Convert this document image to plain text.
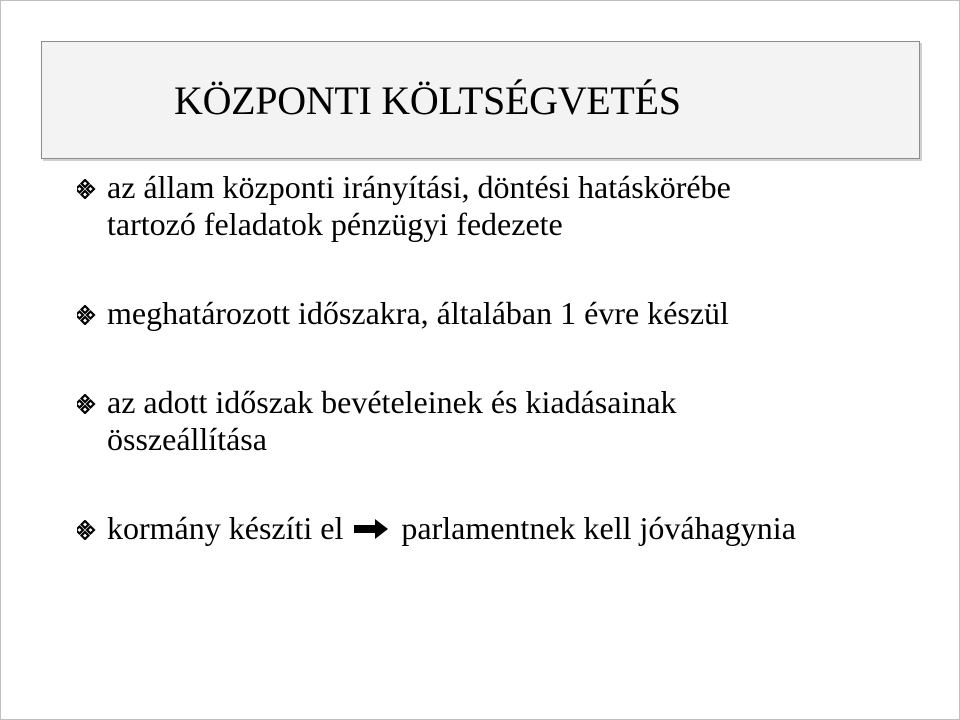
KÖZPONTI KÖLTSÉGVETÉS
az állam központi irányítási, döntési hatáskörébe
tartozó feladatok pénzügyi fedezete
meghatározott időszakra, általában 1 évre készül
az adott időszak bevételeinek és kiadásainak
összeállítása
kormány készíti el parlamentnek kell jóváhagynia
